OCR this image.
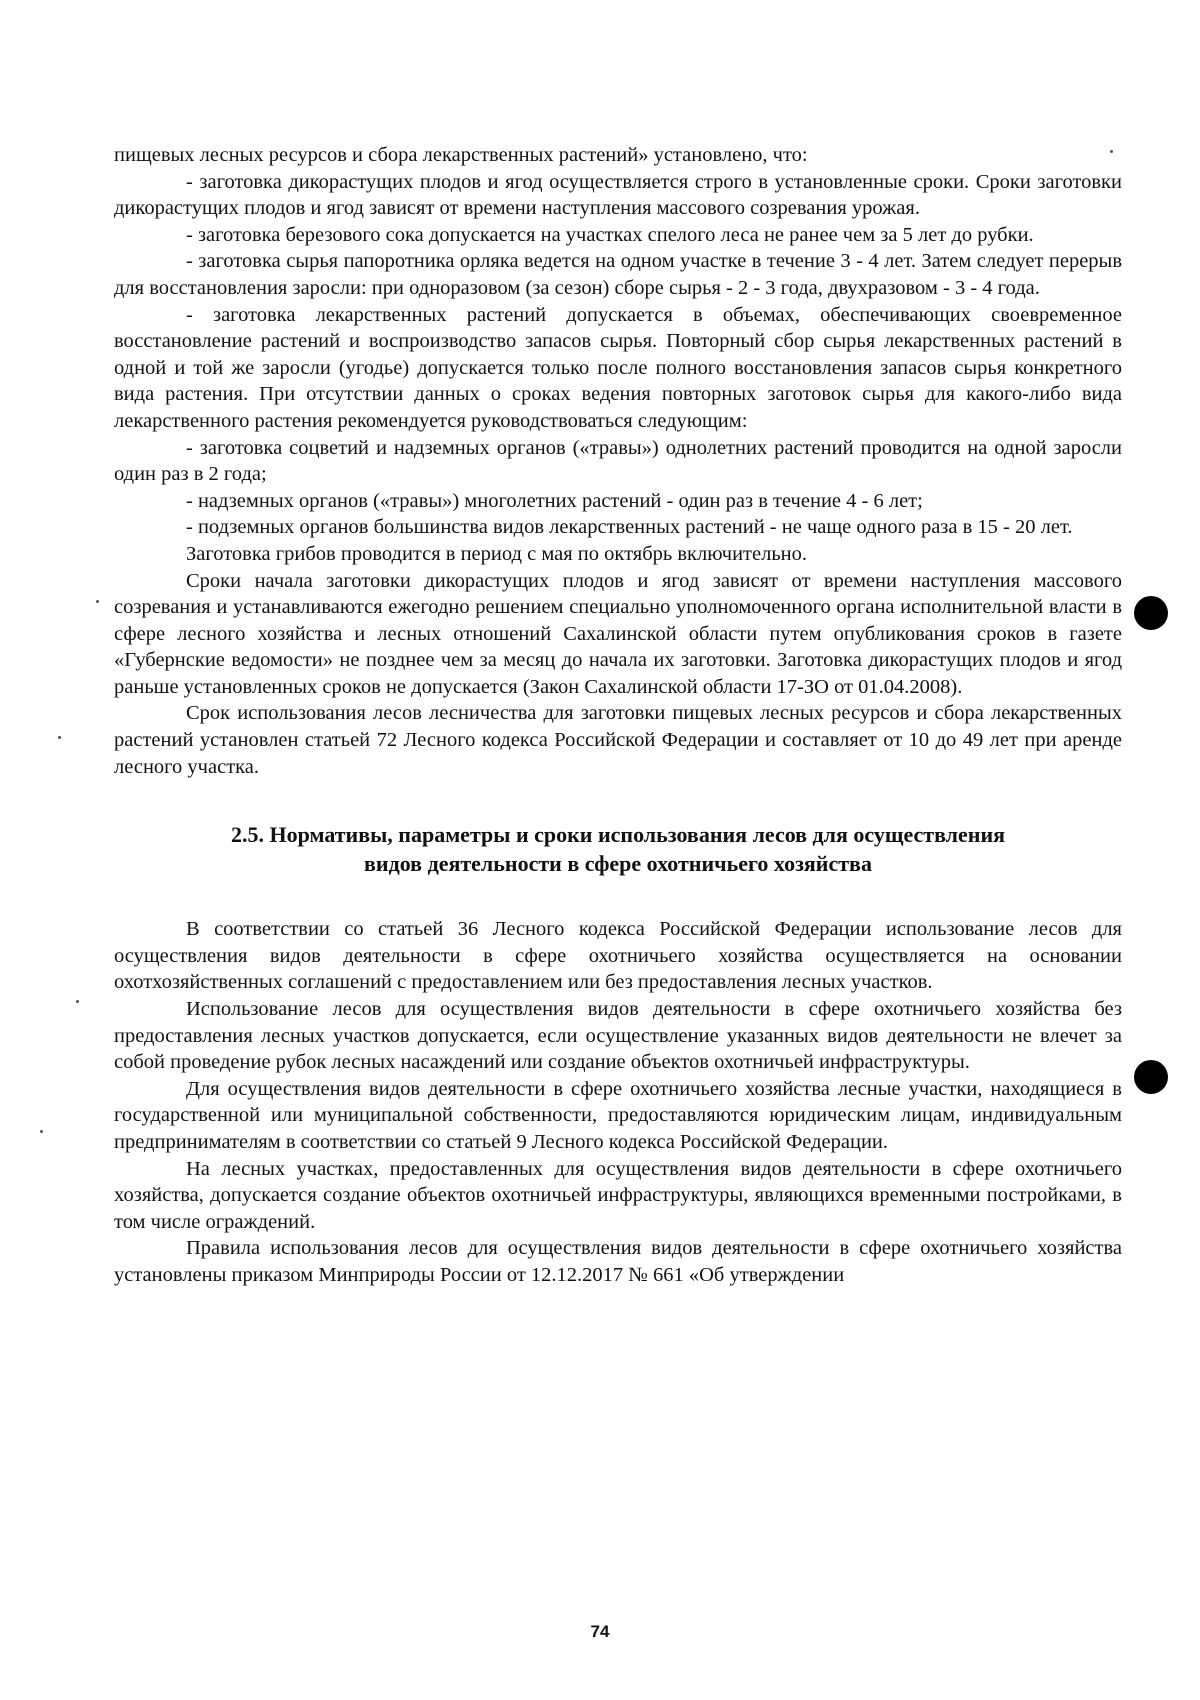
пищевых лесных ресурсов и сбора лекарственных растений» установлено, что:

- заготовка дикорастущих плодов и ягод осуществляется строго в установленные сроки. Сроки заготовки дикорастущих плодов и ягод зависят от времени наступления массового созревания урожая.

- заготовка березового сока допускается на участках спелого леса не ранее чем за 5 лет до рубки.

- заготовка сырья папоротника орляка ведется на одном участке в течение 3 - 4 лет. Затем следует перерыв для восстановления заросли: при одноразовом (за сезон) сборе сырья - 2 - 3 года, двухразовом - 3 - 4 года.

- заготовка лекарственных растений допускается в объемах, обеспечивающих своевременное восстановление растений и воспроизводство запасов сырья. Повторный сбор сырья лекарственных растений в одной и той же заросли (угодье) допускается только после полного восстановления запасов сырья конкретного вида растения. При отсутствии данных о сроках ведения повторных заготовок сырья для какого-либо вида лекарственного растения рекомендуется руководствоваться следующим:

- заготовка соцветий и надземных органов («травы») однолетних растений проводится на одной заросли один раз в 2 года;

- надземных органов («травы») многолетних растений - один раз в течение 4 - 6 лет;

- подземных органов большинства видов лекарственных растений - не чаще одного раза в 15 - 20 лет.

Заготовка грибов проводится в период с мая по октябрь включительно.

Сроки начала заготовки дикорастущих плодов и ягод зависят от времени наступления массового созревания и устанавливаются ежегодно решением специально уполномоченного органа исполнительной власти в сфере лесного хозяйства и лесных отношений Сахалинской области путем опубликования сроков в газете «Губернские ведомости» не позднее чем за месяц до начала их заготовки. Заготовка дикорастущих плодов и ягод раньше установленных сроков не допускается (Закон Сахалинской области 17-ЗО от 01.04.2008).

Срок использования лесов лесничества для заготовки пищевых лесных ресурсов и сбора лекарственных растений установлен статьей 72 Лесного кодекса Российской Федерации и составляет от 10 до 49 лет при аренде лесного участка.

2.5. Нормативы, параметры и сроки использования лесов для осуществления
видов деятельности в сфере охотничьего хозяйства

В соответствии со статьей 36 Лесного кодекса Российской Федерации использование лесов для осуществления видов деятельности в сфере охотничьего хозяйства осуществляется на основании охотхозяйственных соглашений с предоставлением или без предоставления лесных участков.

Использование лесов для осуществления видов деятельности в сфере охотничьего хозяйства без предоставления лесных участков допускается, если осуществление указанных видов деятельности не влечет за собой проведение рубок лесных насаждений или создание объектов охотничьей инфраструктуры.

Для осуществления видов деятельности в сфере охотничьего хозяйства лесные участки, находящиеся в государственной или муниципальной собственности, предоставляются юридическим лицам, индивидуальным предпринимателям в соответствии со статьей 9 Лесного кодекса Российской Федерации.

На лесных участках, предоставленных для осуществления видов деятельности в сфере охотничьего хозяйства, допускается создание объектов охотничьей инфраструктуры, являющихся временными постройками, в том числе ограждений.

Правила использования лесов для осуществления видов деятельности в сфере охотничьего хозяйства установлены приказом Минприроды России от 12.12.2017 № 661 «Об утверждении

74
